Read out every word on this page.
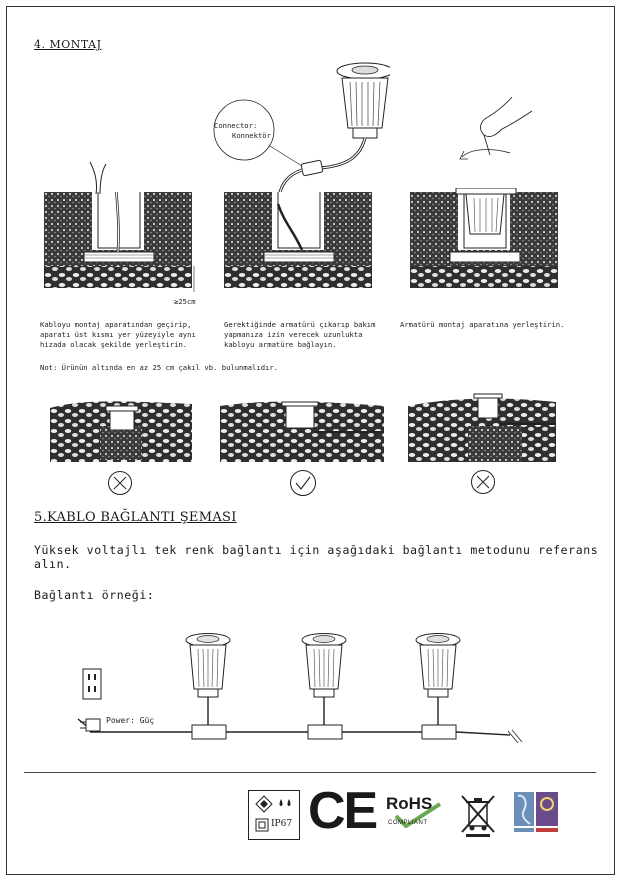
4. MONTAJ
Connector:
Konnektör
≥25cm
Kabloyu montaj aparatından geçirip,
aparatı üst kısmı yer yüzeyiyle aynı
hizada olacak şekilde yerleştirin.
Gerektiğinde armatürü çıkarıp bakım
yapmanıza izin verecek uzunlukta
kabloyu armatüre bağlayın.
Armatürü montaj aparatına yerleştirin.
Not: Ürünün altında en az 25 cm çakıl vb. bulunmalıdır.
5.KABLO BAĞLANTI ŞEMASI
Yüksek voltajlı tek renk bağlantı için aşağıdaki bağlantı metodunu referans alın.
Bağlantı örneği:
Power: Güç
IP67 CE RoHS
COMPLIANT
